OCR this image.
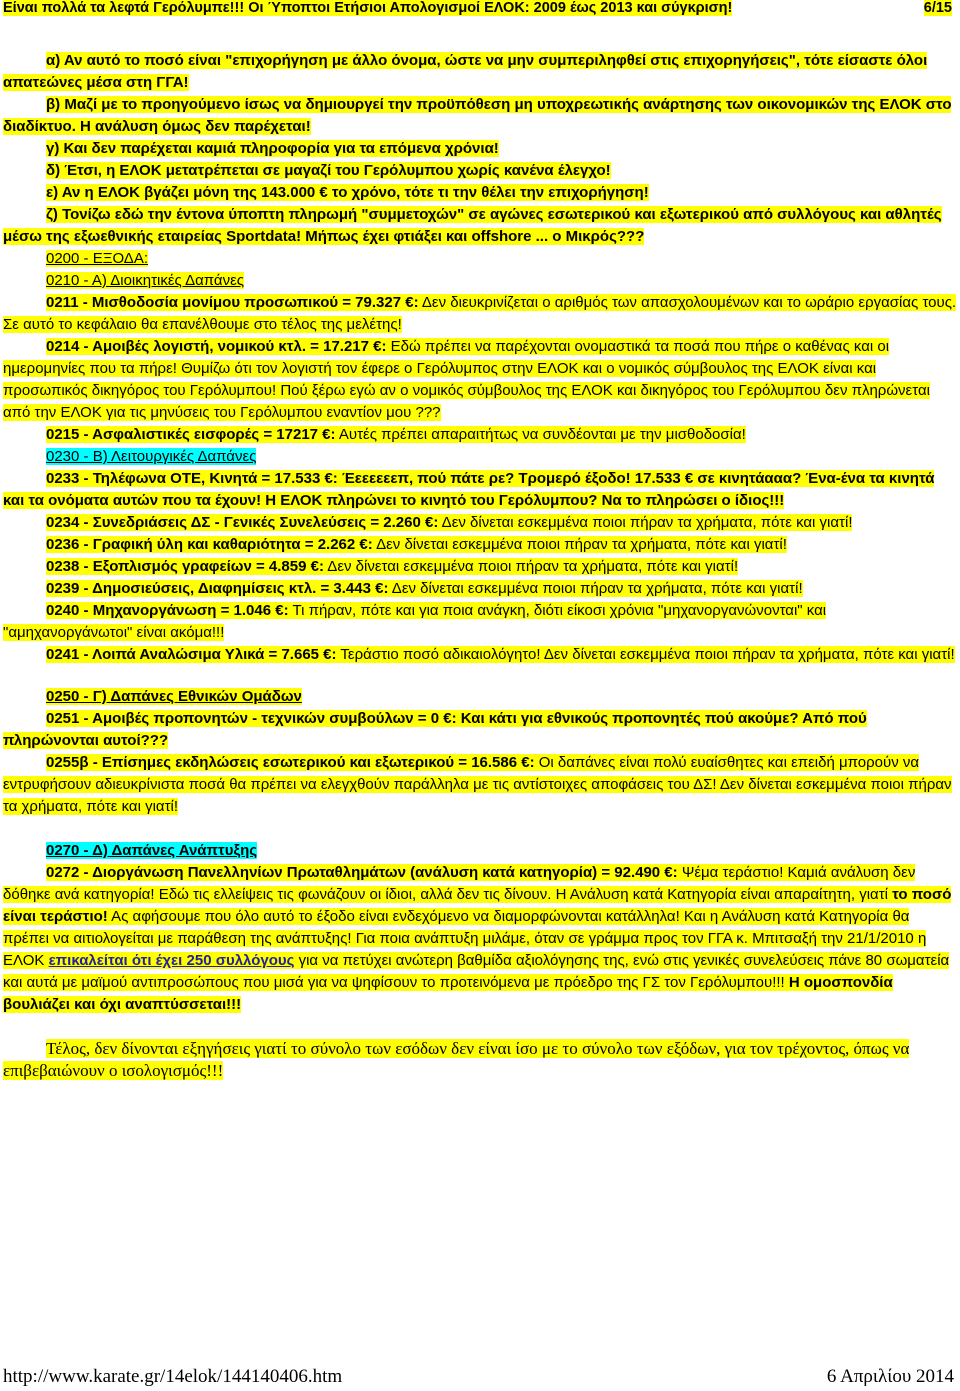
Είναι πολλά τα λεφτά Γερόλυμπε!!! Οι Ύποπτοι Ετήσιοι Απολογισμοί ΕΛΟΚ: 2009 έως 2013 και σύγκριση!	6/15

α) Αν αυτό το ποσό είναι "επιχορήγηση με άλλο όνομα, ώστε να μην συμπεριληφθεί στις επιχορηγήσεις", τότε είσαστε όλοι απατεώνες μέσα στη ΓΓΑ!

β) Μαζί με το προηγούμενο ίσως να δημιουργεί την προϋπόθεση μη υποχρεωτικής ανάρτησης των οικονομικών της ΕΛΟΚ στο διαδίκτυο. Η ανάλυση όμως δεν παρέχεται!

γ) Και δεν παρέχεται καμιά πληροφορία για τα επόμενα χρόνια!

δ) Έτσι, η ΕΛΟΚ μετατρέπεται σε μαγαζί του Γερόλυμπου χωρίς κανένα έλεγχο!

ε) Αν η ΕΛΟΚ βγάζει μόνη της 143.000 € το χρόνο, τότε τι την θέλει την επιχορήγηση!

ζ) Τονίζω εδώ την έντονα ύποπτη πληρωμή "συμμετοχών" σε αγώνες εσωτερικού και εξωτερικού από συλλόγους και αθλητές μέσω της εξωεθνικής εταιρείας Sportdata! Μήπως έχει φτιάξει και offshore ... ο Μικρός???

0200 - ΕΞΟΔΑ:

0210 - Α) Διοικητικές Δαπάνες

0211 - Μισθοδοσία μονίμου προσωπικού = 79.327 €: Δεν διευκρινίζεται ο αριθμός των απασχολουμένων και το ωράριο εργασίας τους. Σε αυτό το κεφάλαιο θα επανέλθουμε στο τέλος της μελέτης!

0214 - Αμοιβές λογιστή, νομικού κτλ. = 17.217 €: Εδώ πρέπει να παρέχονται ονομαστικά τα ποσά που πήρε ο καθένας και οι ημερομηνίες που τα πήρε! Θυμίζω ότι τον λογιστή τον έφερε ο Γερόλυμπος στην ΕΛΟΚ και ο νομικός σύμβουλος της ΕΛΟΚ είναι και προσωπικός δικηγόρος του Γερόλυμπου! Πού ξέρω εγώ αν ο νομικός σύμβουλος της ΕΛΟΚ και δικηγόρος του Γερόλυμπου δεν πληρώνεται από την ΕΛΟΚ για τις μηνύσεις του Γερόλυμπου εναντίον μου ???

0215 - Ασφαλιστικές εισφορές = 17217 €: Αυτές πρέπει απαραιτήτως να συνδέονται με την μισθοδοσία!

0230 - Β) Λειτουργικές Δαπάνες

0233 - Τηλέφωνα ΟΤΕ, Κινητά = 17.533 €: Έεεεεεεπ, πού πάτε ρε? Τρομερό έξοδο! 17.533 € σε κινητάααα? Ένα-ένα τα κινητά και τα ονόματα αυτών που τα έχουν! Η ΕΛΟΚ πληρώνει το κινητό του Γερόλυμπου? Να το πληρώσει ο ίδιος!!!

0234 - Συνεδριάσεις ΔΣ - Γενικές Συνελεύσεις = 2.260 €: Δεν δίνεται εσκεμμένα ποιοι πήραν τα χρήματα, πότε και γιατί!

0236 - Γραφική ύλη και καθαριότητα = 2.262 €: Δεν δίνεται εσκεμμένα ποιοι πήραν τα χρήματα, πότε και γιατί!

0238 - Εξοπλισμός γραφείων = 4.859 €: Δεν δίνεται εσκεμμένα ποιοι πήραν τα χρήματα, πότε και γιατί!

0239 - Δημοσιεύσεις, Διαφημίσεις κτλ. = 3.443 €: Δεν δίνεται εσκεμμένα ποιοι πήραν τα χρήματα, πότε και γιατί!

0240 - Μηχανοργάνωση = 1.046 €: Τι πήραν, πότε και για ποια ανάγκη, διότι είκοσι χρόνια "μηχανοργανώνονται" και "αμηχανοργάνωτοι" είναι ακόμα!!!

0241 - Λοιπά Αναλώσιμα Υλικά = 7.665 €: Τεράστιο ποσό αδικαιολόγητο! Δεν δίνεται εσκεμμένα ποιοι πήραν τα χρήματα, πότε και γιατί!

0250 - Γ) Δαπάνες Εθνικών Ομάδων

0251 - Αμοιβές προπονητών - τεχνικών συμβούλων = 0 €: Και κάτι για εθνικούς προπονητές πού ακούμε? Από πού πληρώνονται αυτοί???

0255β - Επίσημες εκδηλώσεις εσωτερικού και εξωτερικού = 16.586 €: Οι δαπάνες είναι πολύ ευαίσθητες και επειδή μπορούν να εντρυφήσουν αδιευκρίνιστα ποσά θα πρέπει να ελεγχθούν παράλληλα με τις αντίστοιχες αποφάσεις του ΔΣ! Δεν δίνεται εσκεμμένα ποιοι πήραν τα χρήματα, πότε και γιατί!

0270 - Δ) Δαπάνες Ανάπτυξης

0272 - Διοργάνωση Πανελληνίων Πρωταθλημάτων (ανάλυση κατά κατηγορία) = 92.490 €: Ψέμα τεράστιο! Καμιά ανάλυση δεν δόθηκε ανά κατηγορία! Εδώ τις ελλείψεις τις φωνάζουν οι ίδιοι, αλλά δεν τις δίνουν. Η Ανάλυση κατά Κατηγορία είναι απαραίτητη, γιατί το ποσό είναι τεράστιο! Ας αφήσουμε που όλο αυτό το έξοδο είναι ενδεχόμενο να διαμορφώνονται κατάλληλα! Και η Ανάλυση κατά Κατηγορία θα πρέπει να αιτιολογείται με παράθεση της ανάπτυξης! Για ποια ανάπτυξη μιλάμε, όταν σε γράμμα προς τον ΓΓΑ κ. Μπιτσαξή την 21/1/2010 η ΕΛΟΚ επικαλείται ότι έχει 250 συλλόγους για να πετύχει ανώτερη βαθμίδα αξιολόγησης της, ενώ στις γενικές συνελεύσεις πάνε 80 σωματεία και αυτά με μαϊμού αντιπροσώπους που μισά για να ψηφίσουν το προτεινόμενα με πρόεδρο της ΓΣ τον Γερόλυμπου!!! Η ομοσπονδία βουλιάζει και όχι αναπτύσσεται!!!

Τέλος, δεν δίνονται εξηγήσεις γιατί το σύνολο των εσόδων δεν είναι ίσο με το σύνολο των εξόδων, για τον τρέχοντος, όπως να επιβεβαιώνουν ο ισολογισμός!!!

http://www.karate.gr/14elok/144140406.htm	6 Απριλίου 2014
